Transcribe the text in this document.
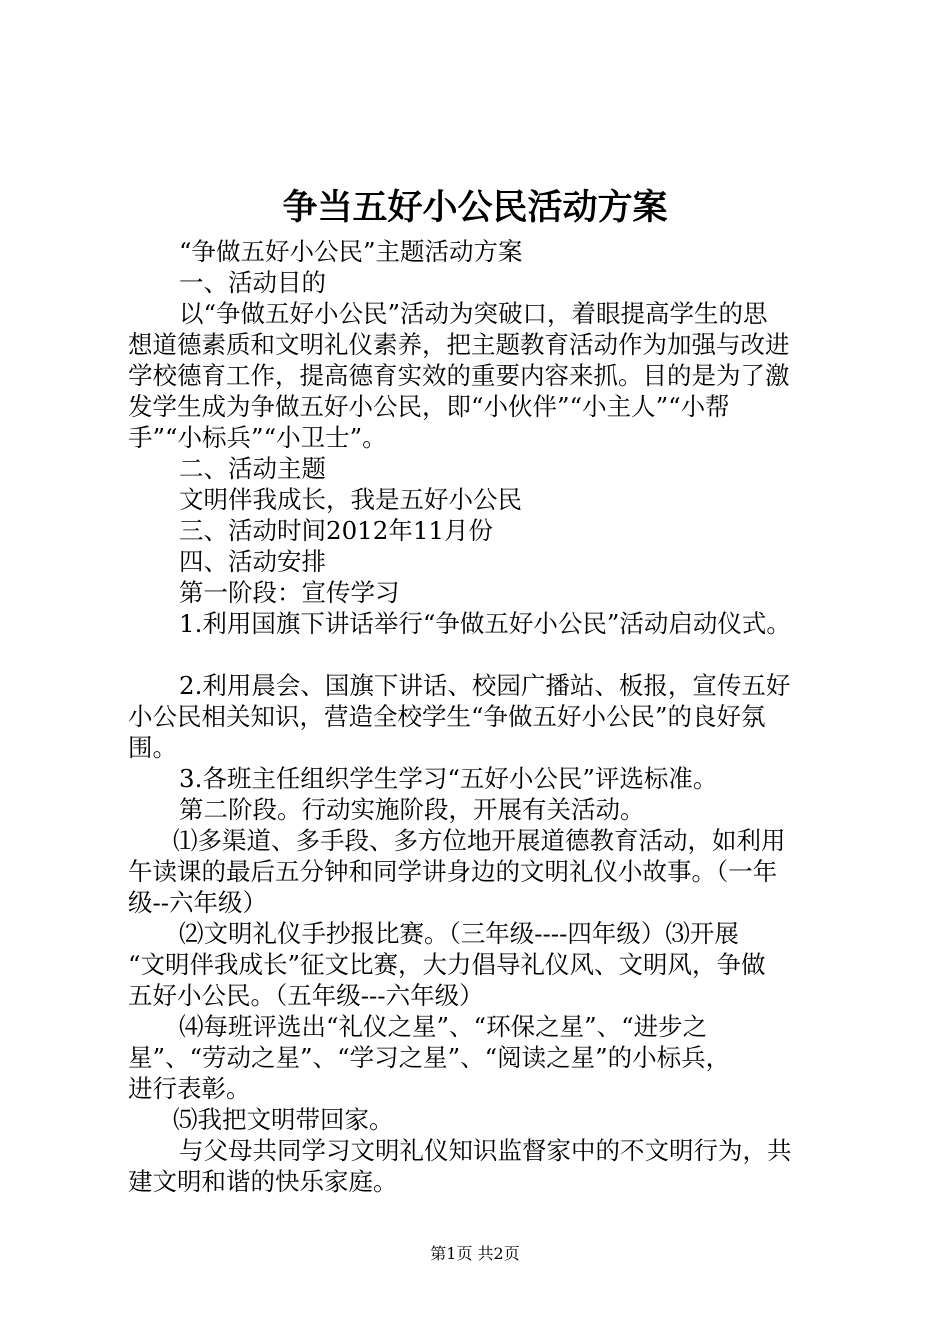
争当五好小公民活动方案

“争做五好小公民”主题活动方案

一、活动目的

以“争做五好小公民”活动为突破口，着眼提高学生的思

想道德素质和文明礼仪素养，把主题教育活动作为加强与改进

学校德育工作，提高德育实效的重要内容来抓。目的是为了激

发学生成为争做五好小公民，即“小伙伴”“小主人”“小帮

手”“小标兵”“小卫士”。

二、活动主题

文明伴我成长，我是五好小公民

三、活动时间2012年11月份

四、活动安排

第一阶段：宣传学习

1.利用国旗下讲话举行“争做五好小公民”活动启动仪式。

2.利用晨会、国旗下讲话、校园广播站、板报，宣传五好

小公民相关知识，营造全校学生“争做五好小公民”的良好氛

围。

3.各班主任组织学生学习“五好小公民”评选标准。

第二阶段。行动实施阶段，开展有关活动。

⑴多渠道、多手段、多方位地开展道德教育活动，如利用

午读课的最后五分钟和同学讲身边的文明礼仪小故事。（一年

级--六年级）

⑵文明礼仪手抄报比赛。（三年级----四年级）⑶开展

“文明伴我成长”征文比赛，大力倡导礼仪风、文明风，争做

五好小公民。（五年级---六年级）

⑷每班评选出“礼仪之星”、“环保之星”、“进步之

星”、“劳动之星”、“学习之星”、“阅读之星”的小标兵，

进行表彰。

⑸我把文明带回家。

与父母共同学习文明礼仪知识监督家中的不文明行为，共

建文明和谐的快乐家庭。

第1页 共2页
